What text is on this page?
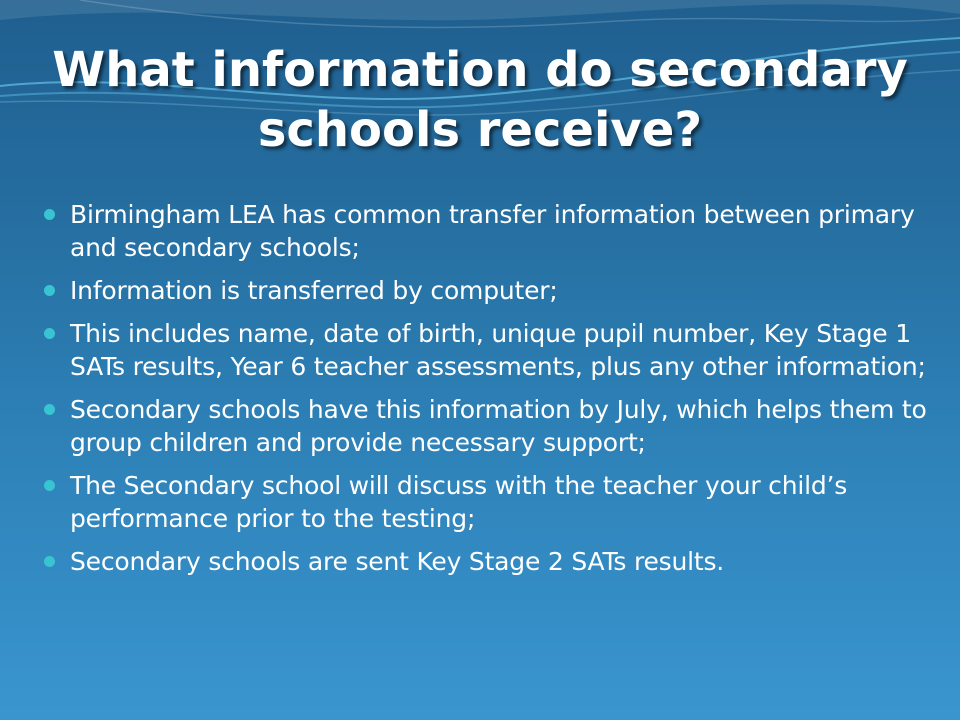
What information do secondary
schools receive?
Birmingham LEA has common transfer information between primary and secondary schools;
Information is transferred by computer;
This includes name, date of birth, unique pupil number, Key Stage 1 SATs results, Year 6 teacher assessments, plus any other information;
Secondary schools have this information by July, which helps them to group children and provide necessary support;
The Secondary school will discuss with the teacher your child’s performance prior to the testing;
Secondary schools are sent Key Stage 2 SATs results.
